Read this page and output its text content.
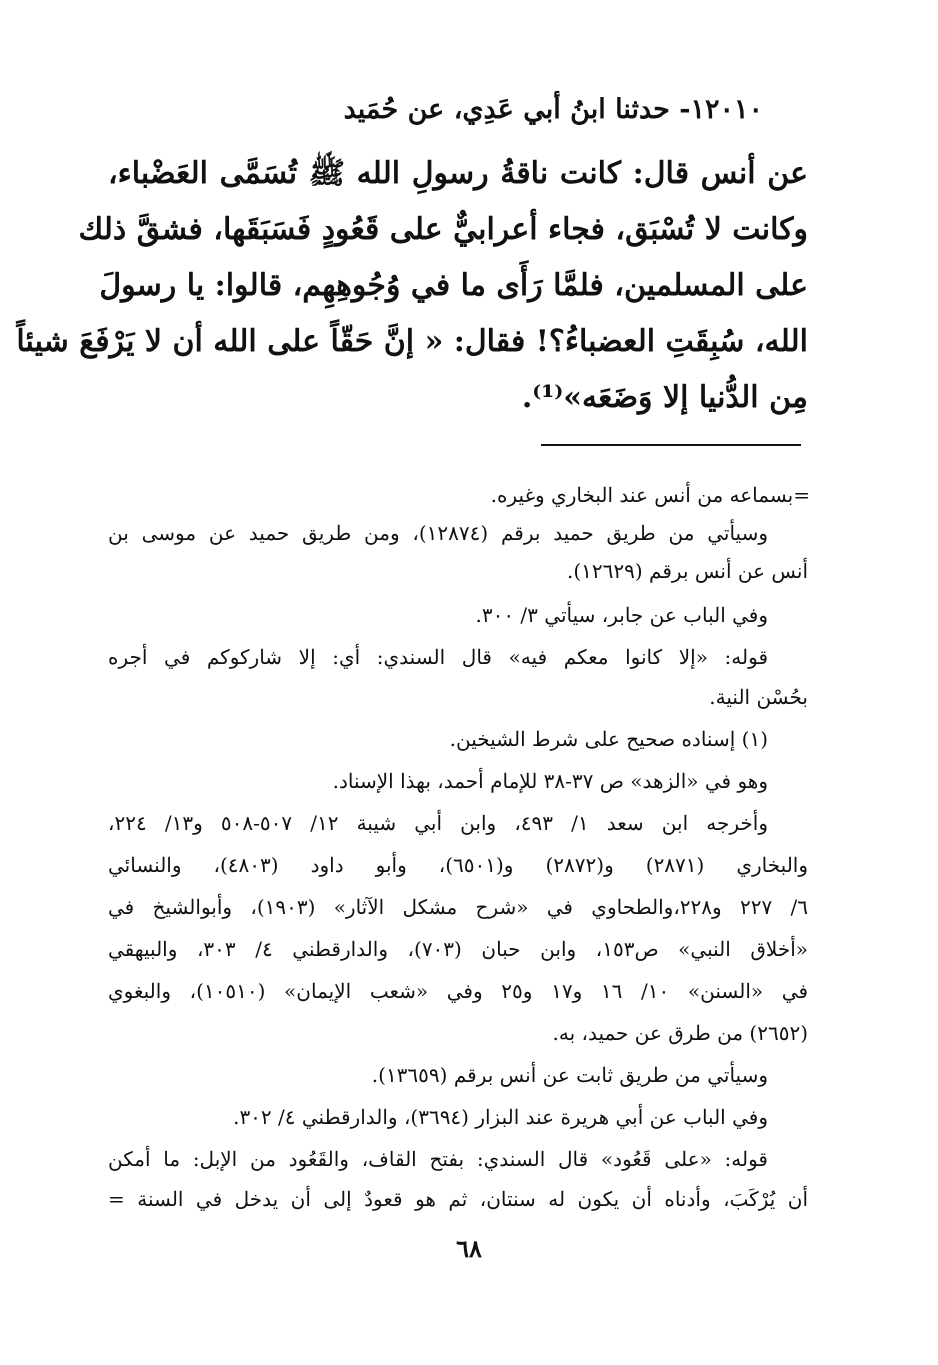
١٢٠١٠- حدثنا ابنُ أبي عَدِي، عن حُمَيد
عن أنس قال: كانت ناقةُ رسولِ الله ﷺ تُسَمَّى العَضْباء،
وكانت لا تُسْبَق، فجاء أعرابيٌّ على قَعُودٍ فَسَبَقَها، فشقَّ ذلك
على المسلمين، فلمَّا رَأَى ما في وُجُوهِهِم، قالوا: يا رسولَ
الله، سُبِقَتِ العضباءُ؟! فقال: « إنَّ حَقّاً على الله أن لا يَرْفَعَ شيئاً
مِن الدُّنيا إلا وَضَعَه»⁽¹⁾.
=بسماعه من أنس عند البخاري وغيره.
وسيأتي من طريق حميد برقم (١٢٨٧٤)، ومن طريق حميد عن موسى بن
أنس عن أنس برقم (١٢٦٢٩).
وفي الباب عن جابر، سيأتي ٣/ ٣٠٠.
قوله: «إلا كانوا معكم فيه» قال السندي: أي: إلا شاركوكم في أجره
بحُسْن النية.
(١) إسناده صحيح على شرط الشيخين.
وهو في «الزهد» ص ٣٧-٣٨ للإمام أحمد، بهذا الإسناد.
وأخرجه ابن سعد ١/ ٤٩٣، وابن أبي شيبة ١٢/ ٥٠٧-٥٠٨ و١٣/ ٢٢٤،
والبخاري (٢٨٧١) و(٢٨٧٢) و(٦٥٠١)، وأبو داود (٤٨٠٣)، والنسائي
٦/ ٢٢٧ و٢٢٨،والطحاوي في «شرح مشكل الآثار» (١٩٠٣)، وأبوالشيخ في
«أخلاق النبي» ص١٥٣، وابن حبان (٧٠٣)، والدارقطني ٤/ ٣٠٣، والبيهقي
في «السنن» ١٠/ ١٦ و١٧ و٢٥ وفي «شعب الإيمان» (١٠٥١٠)، والبغوي
(٢٦٥٢) من طرق عن حميد، به.
وسيأتي من طريق ثابت عن أنس برقم (١٣٦٥٩).
وفي الباب عن أبي هريرة عند البزار (٣٦٩٤)، والدارقطني ٤/ ٣٠٢.
قوله: «على قَعُود» قال السندي: بفتح القاف، والقَعُود من الإبل: ما أمكن
أن يُرْكَبَ، وأدناه أن يكون له سنتان، ثم هو قعودٌ إلى أن يدخل في السنة =
٦٨
